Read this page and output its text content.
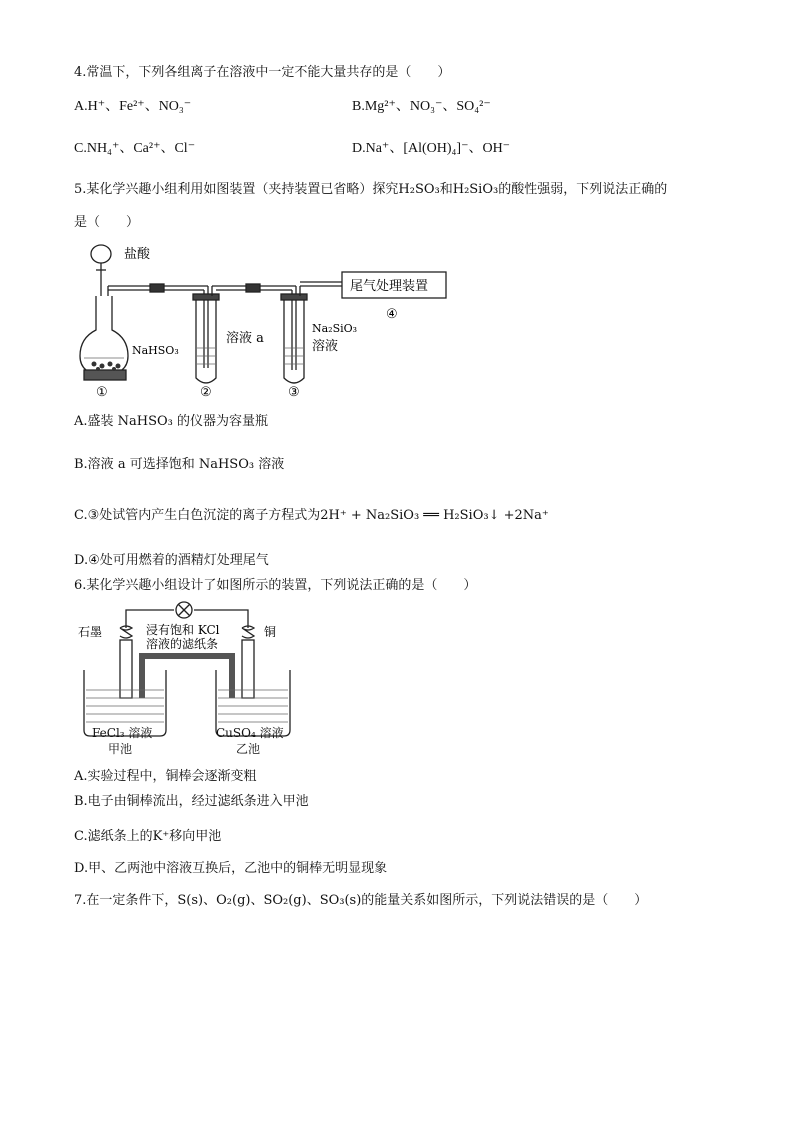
4.常温下，下列各组离子在溶液中一定不能大量共存的是（　　）
A.H⁺、Fe²⁺、NO₃⁻	B.Mg²⁺、NO₃⁻、SO₄²⁻
C.NH₄⁺、Ca²⁺、Cl⁻	D.Na⁺、[Al(OH)₄]⁻、OH⁻
5.某化学兴趣小组利用如图装置（夹持装置已省略）探究H₂SO₃和H₂SiO₃的酸性强弱，下列说法正确的
是（　　）
盐酸
NaHSO₃
溶液 a
Na₂SiO₃
溶液
尾气处理装置
①	②	③
④
A.盛装 NaHSO₃ 的仪器为容量瓶
B.溶液 a 可选择饱和 NaHSO₃ 溶液
C.③处试管内产生白色沉淀的离子方程式为2H⁺ + Na₂SiO₃ ══ H₂SiO₃↓ +2Na⁺
D.④处可用燃着的酒精灯处理尾气
6.某化学兴趣小组设计了如图所示的装置，下列说法正确的是（　　）
石墨	铜
浸有饱和 KCl
溶液的滤纸条
FeCl₃ 溶液
甲池
CuSO₄ 溶液
乙池
A.实验过程中，铜棒会逐渐变粗
B.电子由铜棒流出，经过滤纸条进入甲池
C.滤纸条上的K⁺移向甲池
D.甲、乙两池中溶液互换后，乙池中的铜棒无明显现象
7.在一定条件下，S(s)、O₂(g)、SO₂(g)、SO₃(s)的能量关系如图所示，下列说法错误的是（　　）
